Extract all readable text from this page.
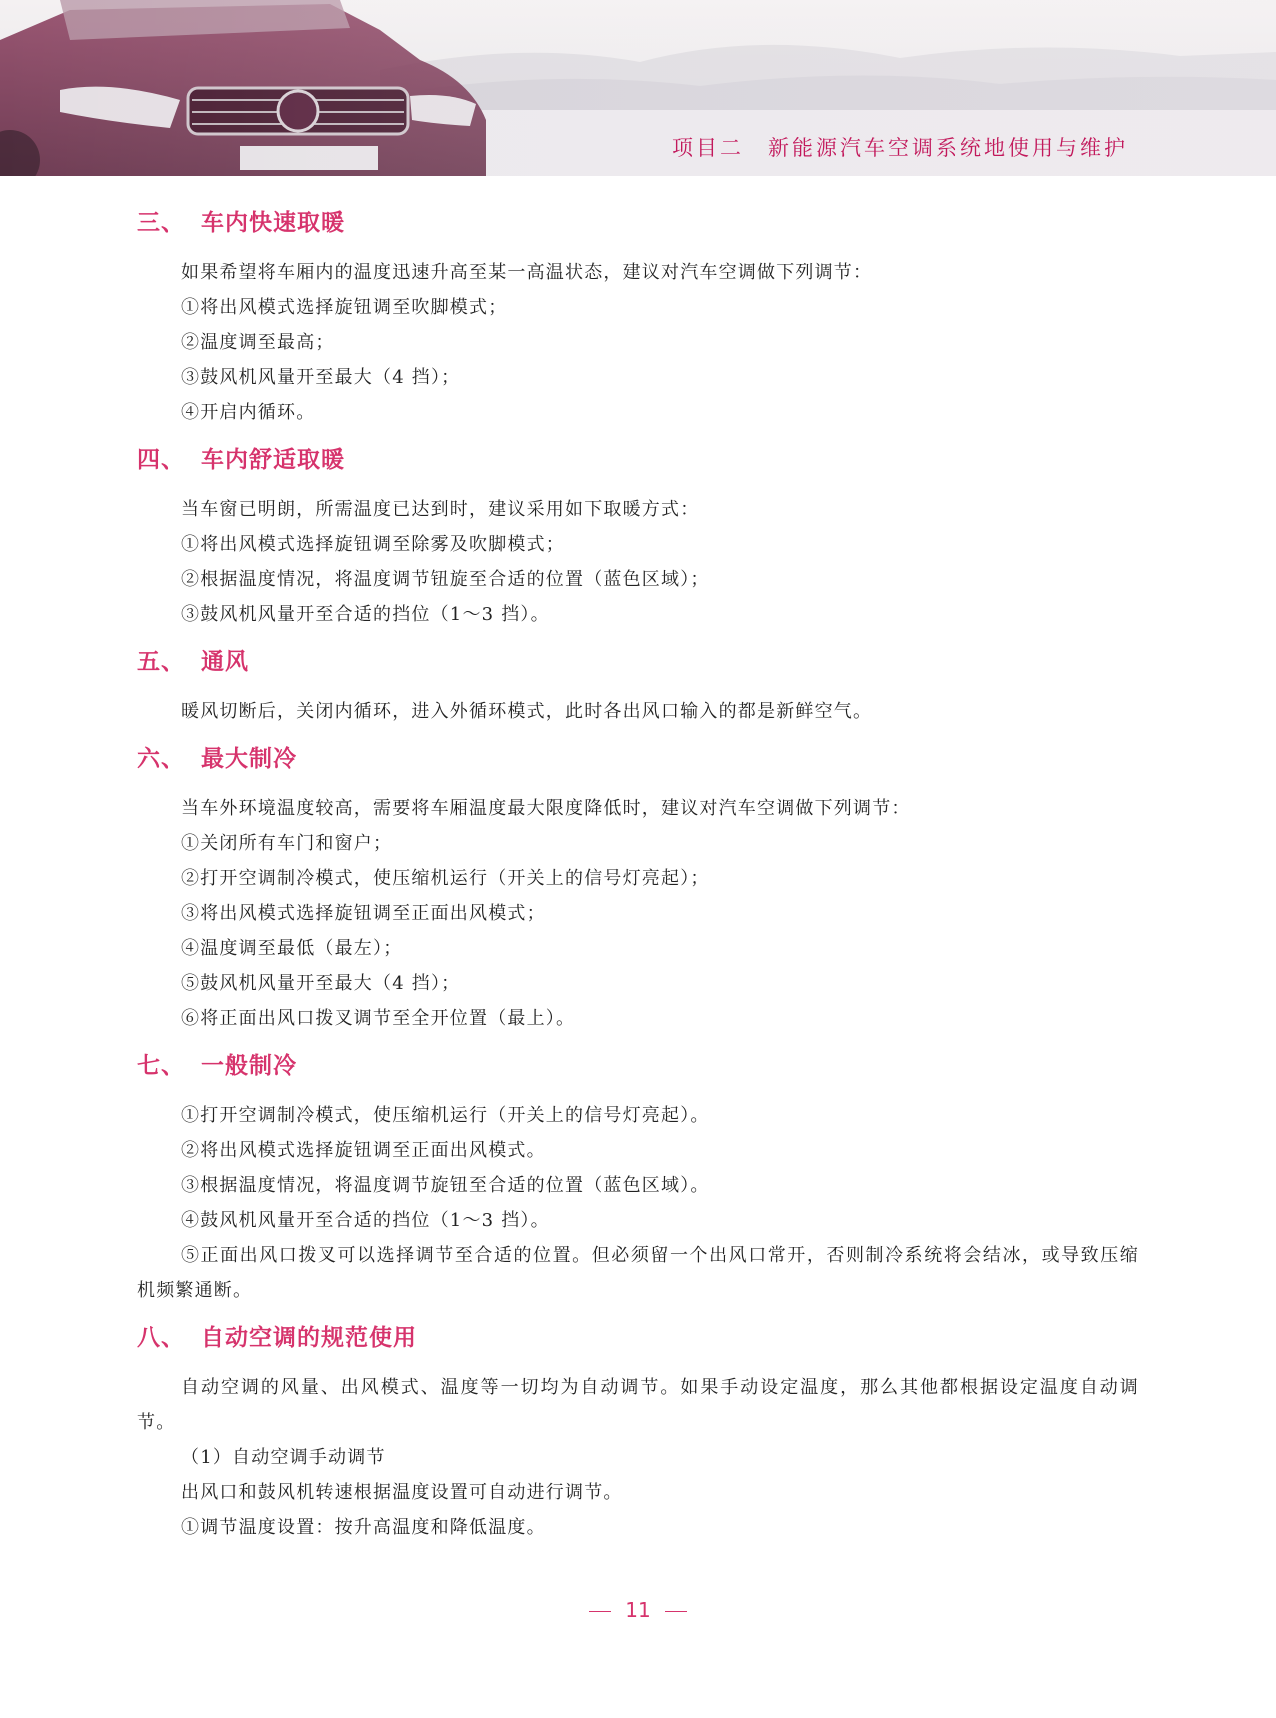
项目二　新能源汽车空调系统地使用与维护
三、 车内快速取暖

如果希望将车厢内的温度迅速升高至某一高温状态，建议对汽车空调做下列调节：

①将出风模式选择旋钮调至吹脚模式；

②温度调至最高；

③鼓风机风量开至最大（4 挡）；

④开启内循环。

四、 车内舒适取暖

当车窗已明朗，所需温度已达到时，建议采用如下取暖方式：

①将出风模式选择旋钮调至除雾及吹脚模式；

②根据温度情况，将温度调节钮旋至合适的位置（蓝色区域）；

③鼓风机风量开至合适的挡位（1～3 挡）。

五、 通风

暖风切断后，关闭内循环，进入外循环模式，此时各出风口输入的都是新鲜空气。

六、 最大制冷

当车外环境温度较高，需要将车厢温度最大限度降低时，建议对汽车空调做下列调节：

①关闭所有车门和窗户；

②打开空调制冷模式，使压缩机运行（开关上的信号灯亮起）；

③将出风模式选择旋钮调至正面出风模式；

④温度调至最低（最左）；

⑤鼓风机风量开至最大（4 挡）；

⑥将正面出风口拨叉调节至全开位置（最上）。

七、 一般制冷

①打开空调制冷模式，使压缩机运行（开关上的信号灯亮起）。

②将出风模式选择旋钮调至正面出风模式。

③根据温度情况，将温度调节旋钮至合适的位置（蓝色区域）。

④鼓风机风量开至合适的挡位（1～3 挡）。

⑤正面出风口拨叉可以选择调节至合适的位置。但必须留一个出风口常开，否则制冷系统将会结冰，或导致压缩机频繁通断。

八、 自动空调的规范使用

自动空调的风量、出风模式、温度等一切均为自动调节。如果手动设定温度，那么其他都根据设定温度自动调节。

（1）自动空调手动调节

出风口和鼓风机转速根据温度设置可自动进行调节。

①调节温度设置：按升高温度和降低温度。

11
